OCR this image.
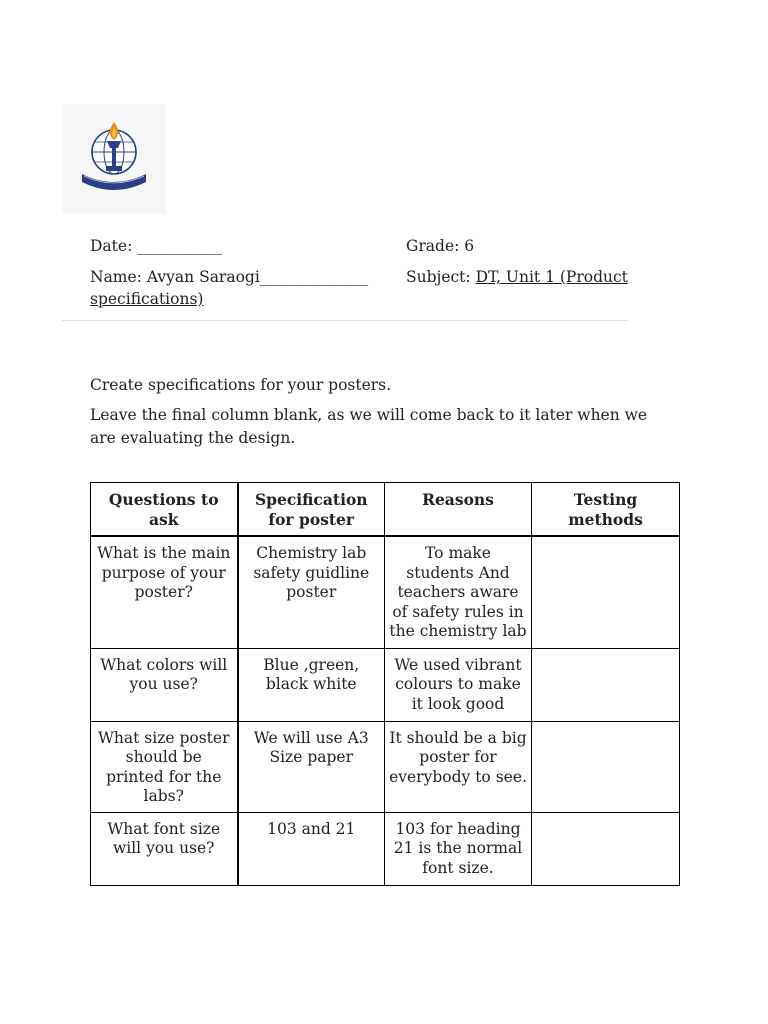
Date: ___________	Grade: 6
Name: Avyan Saraogi______________ Subject: DT, Unit 1 (Product
specifications)
Create specifications for your posters.
Leave the final column blank, as we will come back to it later when we are evaluating the design.
Questions to ask	Specification for poster	Reasons	Testing methods
What is the main purpose of your poster?	Chemistry lab safety guidline poster	To make students And teachers aware of safety rules in the chemistry lab	
What colors will you use?	Blue ,green, black white	We used vibrant colours to make it look good	
What size poster should be printed for the labs?	We will use A3 Size paper	It should be a big poster for everybody to see.	
What font size will you use?	103 and 21	103 for heading 21 is the normal font size.	
